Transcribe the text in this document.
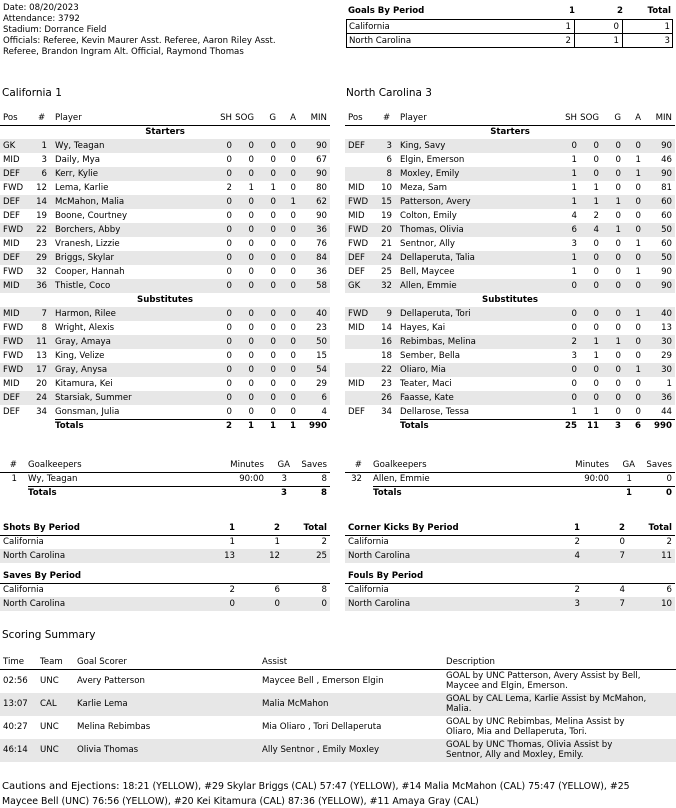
Date: 08/20/2023
Attendance: 3792
Stadium: Dorrance Field
Officials: Referee, Kevin Maurer Asst. Referee, Aaron Riley Asst.
Referee, Brandon Ingram Alt. Official, Raymond Thomas
Goals By Period	1	2	Total
California	1	0	1
North Carolina	2	1	3
California 1	North Carolina 3
Pos # Player	SH SOG	G	A	MIN
Starters
GK	1 Wy, Teagan	0	0	0	0	90
MID	3 Daily, Mya	0	0	0	0	67
DEF	6 Kerr, Kylie	0	0	0	0	90
FWD	12 Lema, Karlie	2	1	1	0	80
DEF	14 McMahon, Malia	0	0	0	1	62
DEF	19 Boone, Courtney	0	0	0	0	90
FWD	22 Borchers, Abby	0	0	0	0	36
MID	23 Vranesh, Lizzie	0	0	0	0	76
DEF	29 Briggs, Skylar	0	0	0	0	84
FWD	32 Cooper, Hannah	0	0	0	0	36
MID	36 Thistle, Coco	0	0	0	0	58
Substitutes
MID	7 Harmon, Rilee	0	0	0	0	40
FWD	8 Wright, Alexis	0	0	0	0	23
FWD	11 Gray, Amaya	0	0	0	0	50
FWD	13 King, Velize	0	0	0	0	15
FWD	17 Gray, Anysa	0	0	0	0	54
MID	20 Kitamura, Kei	0	0	0	0	29
DEF	24 Starsiak, Summer	0	0	0	0	6
DEF	34 Gonsman, Julia	0	0	0	0	4
Totals	2	1	1	1	990
Pos # Player	SH SOG	G	A	MIN
Starters
DEF	3 King, Savy	0	0	0	0	90
6 Elgin, Emerson	1	0	0	1	46
8 Moxley, Emily	1	0	0	1	90
MID	10 Meza, Sam	1	1	0	0	81
FWD	15 Patterson, Avery	1	1	1	0	60
MID	19 Colton, Emily	4	2	0	0	60
FWD	20 Thomas, Olivia	6	4	1	0	50
FWD	21 Sentnor, Ally	3	0	0	1	60
DEF	24 Dellaperuta, Talia	1	0	0	0	50
DEF	25 Bell, Maycee	1	0	0	1	90
GK	32 Allen, Emmie	0	0	0	0	90
Substitutes
FWD	9 Dellaperuta, Tori	0	0	0	1	40
MID	14 Hayes, Kai	0	0	0	0	13
16 Rebimbas, Melina	2	1	1	0	30
18 Sember, Bella	3	1	0	0	29
22 Oliaro, Mia	0	0	0	1	30
MID	23 Teater, Maci	0	0	0	0	1
26 Faasse, Kate	0	0	0	0	36
DEF	34 Dellarose, Tessa	1	1	0	0	44
Totals	25	11	3	6	990
# Goalkeepers	Minutes	GA	Saves
1 Wy, Teagan	90:00	3	8
Totals	3	8
# Goalkeepers	Minutes	GA	Saves
32 Allen, Emmie	90:00	1	0
Totals	1	0
Shots By Period	1	2	Total
California	1	1	2
North Carolina	13	12	25
Saves By Period
California	2	6	8
North Carolina	0	0	0
Corner Kicks By Period	1	2	Total
California	2	0	2
North Carolina	4	7	11
Fouls By Period
California	2	4	6
North Carolina	3	7	10
Scoring Summary
Time Team Goal Scorer	Assist	Description
02:56 UNC Avery Patterson	Maycee Bell , Emerson Elgin	GOAL by UNC Patterson, Avery Assist by Bell,
Maycee and Elgin, Emerson.
13:07 CAL Karlie Lema	Malia McMahon	GOAL by CAL Lema, Karlie Assist by McMahon,
Malia.
40:27 UNC Melina Rebimbas	Mia Oliaro , Tori Dellaperuta	GOAL by UNC Rebimbas, Melina Assist by
Oliaro, Mia and Dellaperuta, Tori.
46:14 UNC Olivia Thomas	Ally Sentnor , Emily Moxley	GOAL by UNC Thomas, Olivia Assist by
Sentnor, Ally and Moxley, Emily.
Cautions and Ejections: 18:21 (YELLOW), #29 Skylar Briggs (CAL) 57:47 (YELLOW), #14 Malia McMahon (CAL) 75:47 (YELLOW), #25
Maycee Bell (UNC) 76:56 (YELLOW), #20 Kei Kitamura (CAL) 87:36 (YELLOW), #11 Amaya Gray (CAL)
